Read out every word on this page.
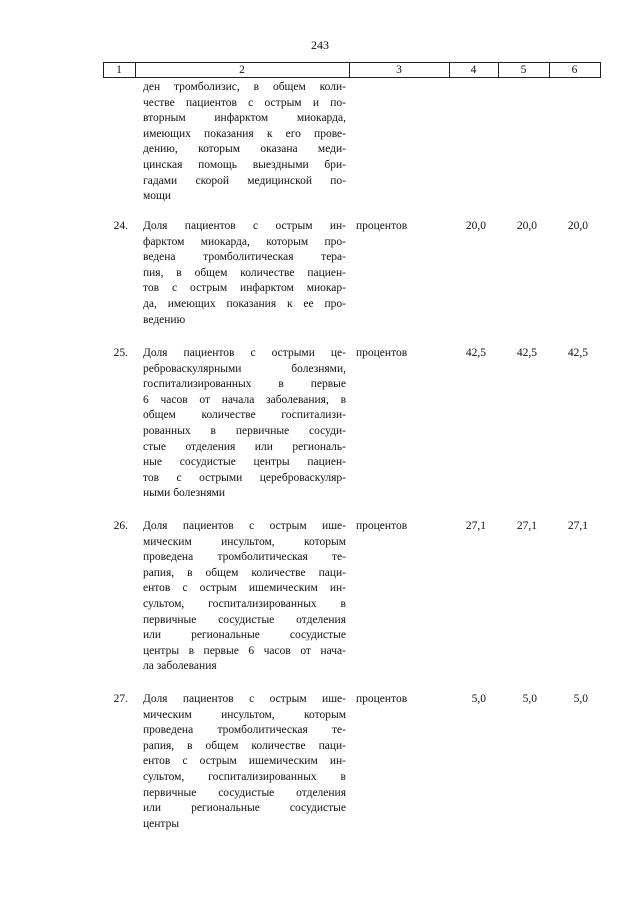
243
1	2	3	4	5	6
ден тромболизис, в общем коли-
честве пациентов с острым и по-
вторным инфарктом миокарда,
имеющих показания к его прове-
дению, которым оказана меди-
цинская помощь выездными бри-
гадами скорой медицинской по-
мощи
24. Доля пациентов с острым ин-
фарктом миокарда, которым про-
ведена тромболитическая тера-
пия, в общем количестве пациен-
тов с острым инфарктом миокар-
да, имеющих показания к ее про-
ведению
процентов	20,0	20,0	20,0
25. Доля пациентов с острыми це-
реброваскулярными болезнями,
госпитализированных в первые
6 часов от начала заболевания, в
общем количестве госпитализи-
рованных в первичные сосуди-
стые отделения или региональ-
ные сосудистые центры пациен-
тов с острыми цереброваскуляр-
ными болезнями
процентов	42,5	42,5	42,5
26. Доля пациентов с острым ише-
мическим инсультом, которым
проведена тромболитическая те-
рапия, в общем количестве паци-
ентов с острым ишемическим ин-
сультом, госпитализированных в
первичные сосудистые отделения
или региональные сосудистые
центры в первые 6 часов от нача-
ла заболевания
процентов	27,1	27,1	27,1
27. Доля пациентов с острым ише-
мическим инсультом, которым
проведена тромболитическая те-
рапия, в общем количестве паци-
ентов с острым ишемическим ин-
сультом, госпитализированных в
первичные сосудистые отделения
или региональные сосудистые
центры
процентов	5,0	5,0	5,0
